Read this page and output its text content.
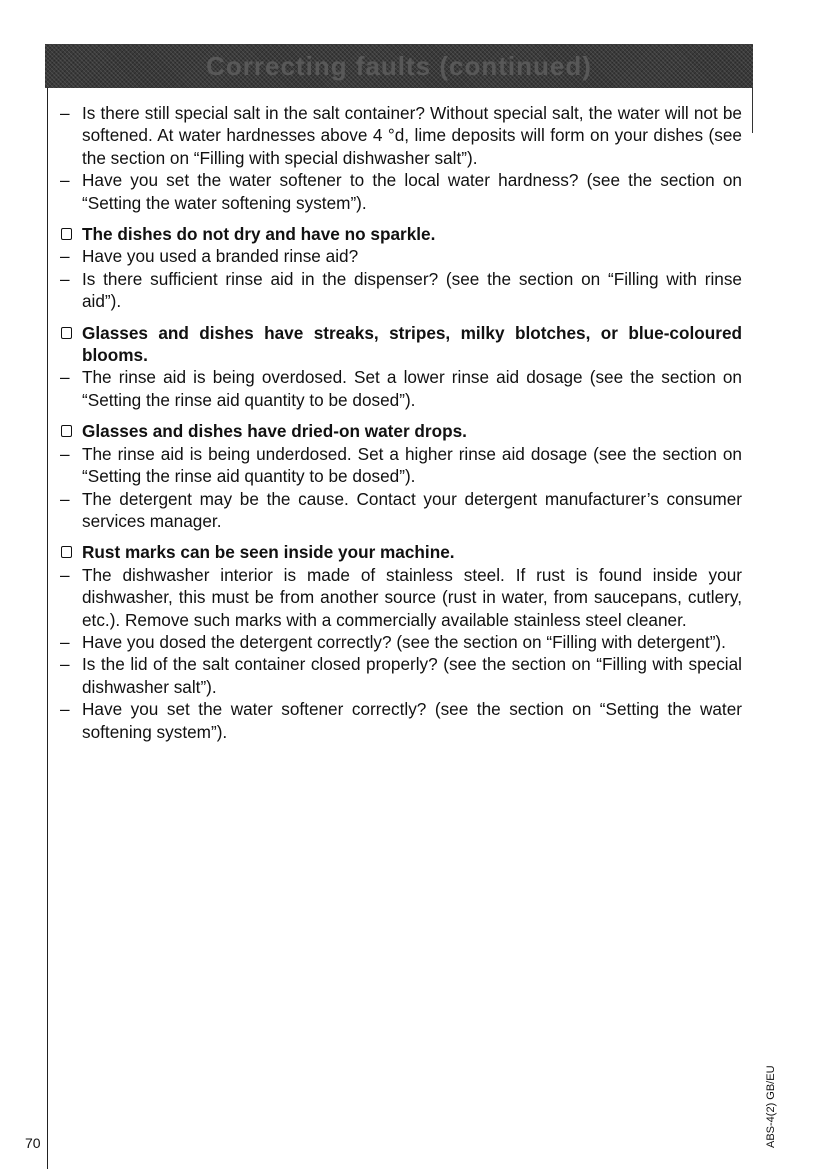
Correcting faults (continued)
– Is there still special salt in the salt container? Without special salt, the water will not be softened. At water hardnesses above 4 °d, lime deposits will form on your dishes (see the section on “Filling with special dishwasher salt”).
– Have you set the water softener to the local water hardness? (see the section on “Setting the water softening system”).
The dishes do not dry and have no sparkle.
– Have you used a branded rinse aid?
– Is there sufficient rinse aid in the dispenser? (see the section on “Filling with rinse aid”).
Glasses and dishes have streaks, stripes, milky blotches, or blue-coloured blooms.
– The rinse aid is being overdosed. Set a lower rinse aid dosage (see the section on “Setting the rinse aid quantity to be dosed”).
Glasses and dishes have dried-on water drops.
– The rinse aid is being underdosed. Set a higher rinse aid dosage (see the section on “Setting the rinse aid quantity to be dosed”).
– The detergent may be the cause. Contact your detergent manufacturer’s consumer services manager.
Rust marks can be seen inside your machine.
– The dishwasher interior is made of stainless steel. If rust is found inside your dishwasher, this must be from another source (rust in water, from saucepans, cutlery, etc.). Remove such marks with a commercially available stainless steel cleaner.
– Have you dosed the detergent correctly? (see the section on “Filling with detergent”).
– Is the lid of the salt container closed properly? (see the section on “Filling with special dishwasher salt”).
– Have you set the water softener correctly? (see the section on “Setting the water softening system”).
70	ABS-4(2) GB/EU
